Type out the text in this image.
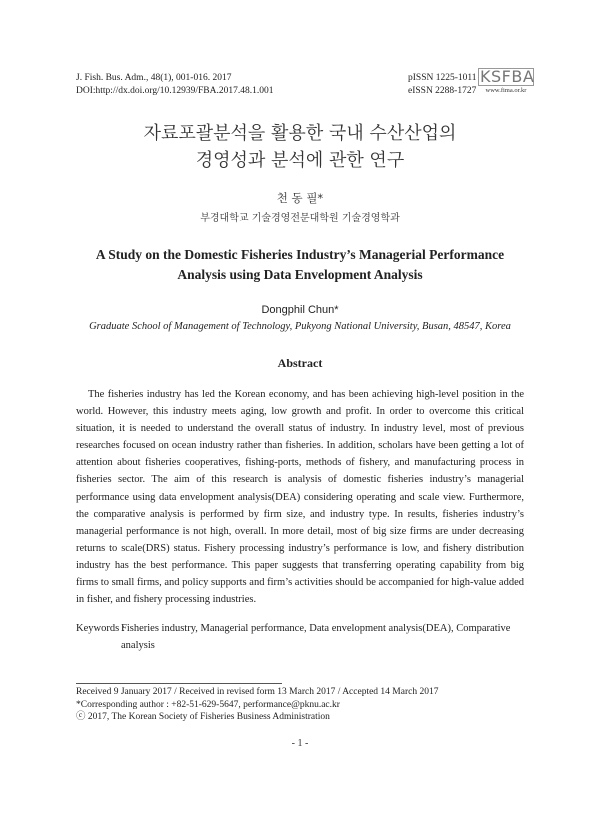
J. Fish. Bus. Adm., 48(1), 001-016. 2017
DOI:http://dx.doi.org/10.12939/FBA.2017.48.1.001
pISSN 1225-1011
eISSN 2288-1727
KSFBA
www.fima.or.kr
자료포괄분석을 활용한 국내 수산산업의
경영성과 분석에 관한 연구
천 동 필*
부경대학교 기술경영전문대학원 기술경영학과
A Study on the Domestic Fisheries Industry’s Managerial Performance
Analysis using Data Envelopment Analysis
Dongphil Chun*
Graduate School of Management of Technology, Pukyong National University, Busan, 48547, Korea
Abstract
The fisheries industry has led the Korean economy, and has been achieving high-level position in the world. However, this industry meets aging, low growth and profit. In order to overcome this critical situation, it is needed to understand the overall status of industry. In industry level, most of previous researches focused on ocean industry rather than fisheries. In addition, scholars have been getting a lot of attention about fisheries cooperatives, fishing-ports, methods of fishery, and manufacturing process in fisheries sector. The aim of this research is analysis of domestic fisheries industry’s managerial performance using data envelopment analysis(DEA) considering operating and scale view. Furthermore, the comparative analysis is performed by firm size, and industry type. In results, fisheries industry’s managerial performance is not high, overall. In more detail, most of big size firms are under decreasing returns to scale(DRS) status. Fishery processing industry’s performance is low, and fishery distribution industry has the best performance. This paper suggests that transferring operating capability from big firms to small firms, and policy supports and firm’s activities should be accompanied for high-value added in fisher, and fishery processing industries.
Keywords :
Fisheries industry, Managerial performance, Data envelopment analysis(DEA), Comparative analysis
Received 9 January 2017 / Received in revised form 13 March 2017 / Accepted 14 March 2017
*Corresponding author : +82-51-629-5647, performance@pknu.ac.kr
ⓒ 2017, The Korean Society of Fisheries Business Administration
- 1 -
